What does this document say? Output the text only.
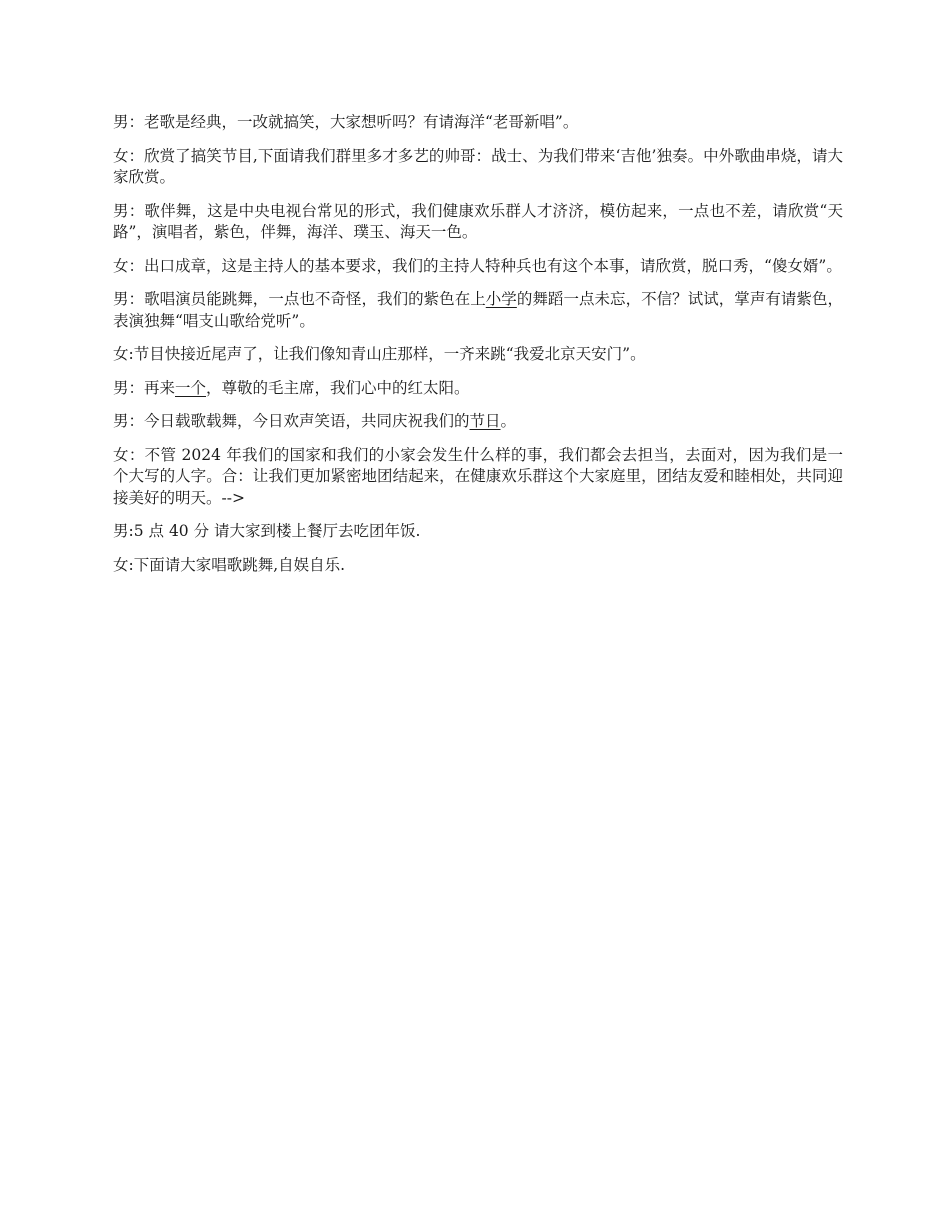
男：老歌是经典，一改就搞笑，大家想听吗？有请海洋“老哥新唱”。

女：欣赏了搞笑节目,下面请我们群里多才多艺的帅哥：战士、为我们带来‘吉他’独奏。中外歌曲串烧，请大家欣赏。

男：歌伴舞，这是中央电视台常见的形式，我们健康欢乐群人才济济，模仿起来，一点也不差，请欣赏“天路”，演唱者，紫色，伴舞，海洋、璞玉、海天一色。

女：出口成章，这是主持人的基本要求，我们的主持人特种兵也有这个本事，请欣赏，脱口秀，“傻女婿”。

男：歌唱演员能跳舞，一点也不奇怪，我们的紫色在上小学的舞蹈一点未忘，不信？试试，掌声有请紫色，表演独舞“唱支山歌给党听”。

女:节目快接近尾声了，让我们像知青山庄那样，一齐来跳“我爱北京天安门”。

男：再来一个，尊敬的毛主席，我们心中的红太阳。

男：今日载歌载舞，今日欢声笑语，共同庆祝我们的节日。

女：不管 2024 年我们的国家和我们的小家会发生什么样的事，我们都会去担当，去面对，因为我们是一个大写的人字。合：让我们更加紧密地团结起来，在健康欢乐群这个大家庭里，团结友爱和睦相处，共同迎接美好的明天。-->

男:5 点 40 分 请大家到楼上餐厅去吃团年饭.

女:下面请大家唱歌跳舞,自娱自乐.
